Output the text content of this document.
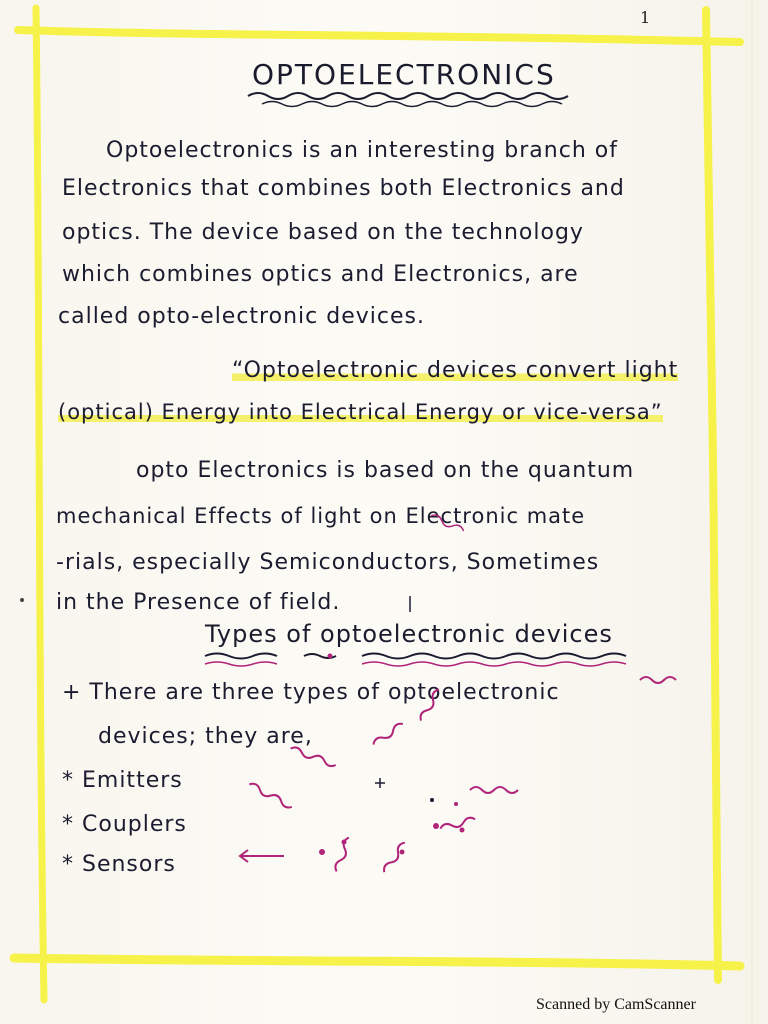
1
OPTOELECTRONICS
Optoelectronics is an interesting branch of
Electronics that combines both Electronics and
optics. The device based on the technology
which combines optics and Electronics, are
called opto-electronic devices.
“Optoelectronic devices convert light
(optical) Energy into Electrical Energy or vice-versa”
opto Electronics is based on the quantum
mechanical Effects of light on Electronic mate
-rials, especially Semiconductors, Sometimes
in the Presence of field.
Types of optoelectronic devices
+ There are three types of optoelectronic
devices; they are,
* Emitters
* Couplers
* Sensors
Scanned by CamScanner
